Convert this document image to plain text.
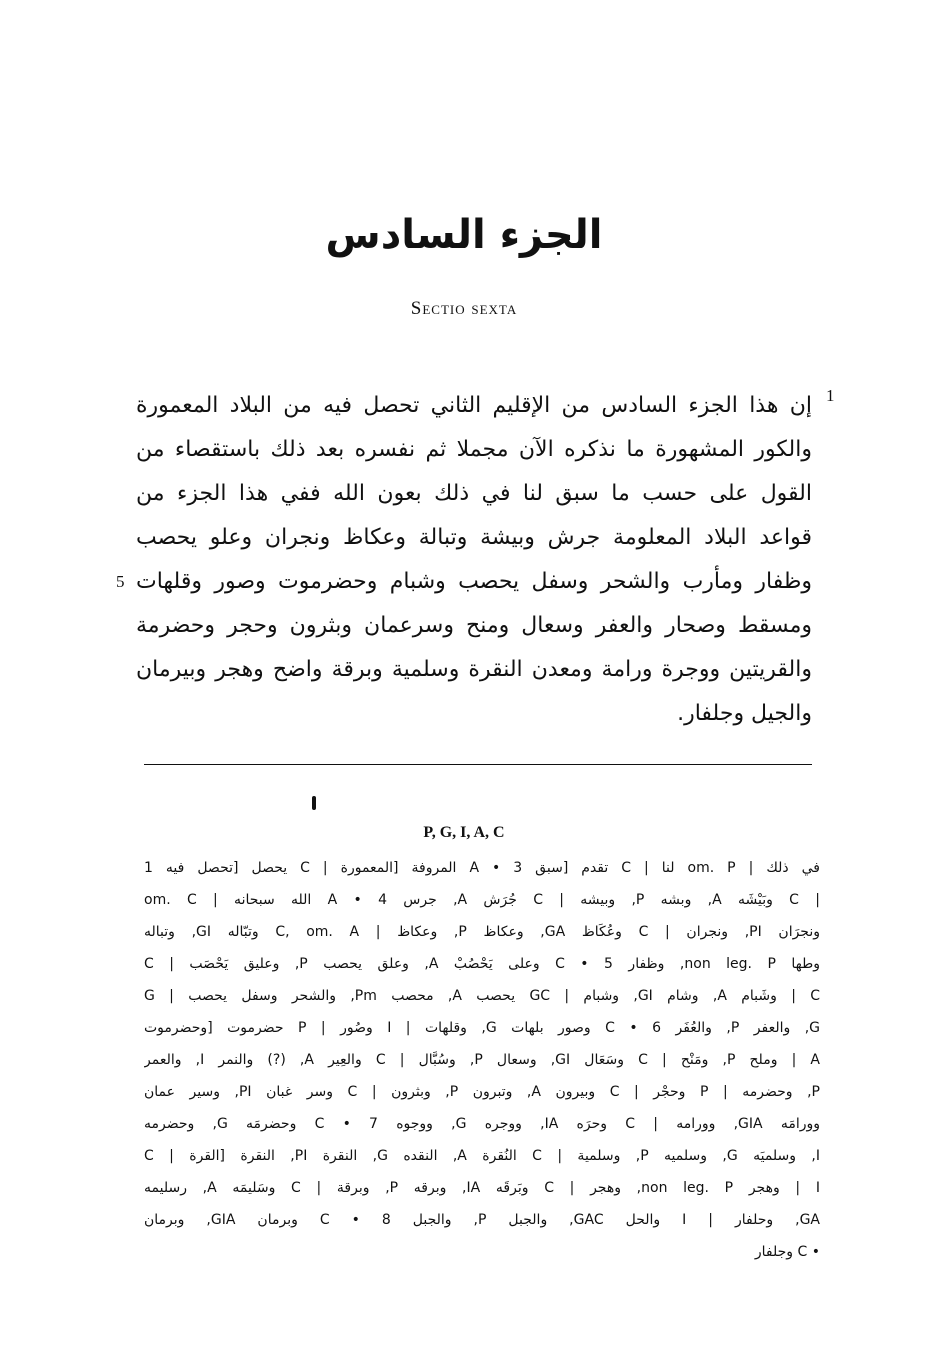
الجزء السادس
Sectio sexta
1
5
إن هذا الجزء السادس من الإقليم الثاني تحصل فيه من البلاد المعمورة
والكور المشهورة ما نذكره الآن مجملا ثم نفسره بعد ذلك باستقصاء من
القول على حسب ما سبق لنا في ذلك بعون الله ففي هذا الجزء من
قواعد البلاد المعلومة جرش وبيشة وتبالة وعكاظ ونجران وعلو يحصب
وظفار ومأرب والشحر وسفل يحصب وشبام وحضرموت وصور وقلهات
ومسقط وصحار والعفر وسعال ومنح وسرعمان وبثرون وحجر وحضرمة
والقريتين ووجرة ورامة ومعدن النقرة وسلمية وبرقة واضح وهجر وبيرمان
والجيل وجلفار.
P, G, I, A, C
في ذلك | om. P لنا | C تقدم [سبق 3 • A المروفة [المعمورة | C يحصل [تحصل فيه 1
| C وبَيْشَه A, وبشه P, وبيشه | C جُرَش A, جرس 4 • A الله سبحانه | om. C
ونجرَان PI, ونجران | C وعُكَاظ GA, وعكاظ P, وعكاظ | C, om. A وتبّاله GI, وتباله
وطها non leg. P, وظفار 5 • C وعلى يَحْصُبْ A, وعلق يحصب P, وعليق يَحْصَب | C
C | وشَبام A, وشام GI, وشبام | GC يحصب A, محصب Pm, والشحر وسفل يحصب | G
G, والعفر P, والعُفَر 6 • C وصور بلهات G, وقلهات | I وصُور | P حضرموت [وحضرموت
A | وملح P, ومَنْح | C وسَعَال GI, وسعال P, وسُبَّال | C والعِير A, (?) والنمر I, والعمر
P, وحضرمه | P وحجْر | C وبيرون A, وتبرون P, وبثرون | C وسر غبان PI, وسير عمان
وورامَه GIA, وورامه | C وحرَه IA, ووجره G, ووجوه 7 • C وحضرمَه G, وحضرمه
I, وسلميَه G, وسلميه P, وسلمية | C النُقرة A, النقده G, النقرة PI, النقرة [القرة | C
I | وهجر non leg. P, وهجر | C وبَرقَه IA, وبرقه P, وبرقة | C وسَليمَه A, رسليمه
GA, وحلفار | I والحل GAC, والجبل P, والجبل 8 • C وبرمان GIA, وبرمان
• C وجلفار
